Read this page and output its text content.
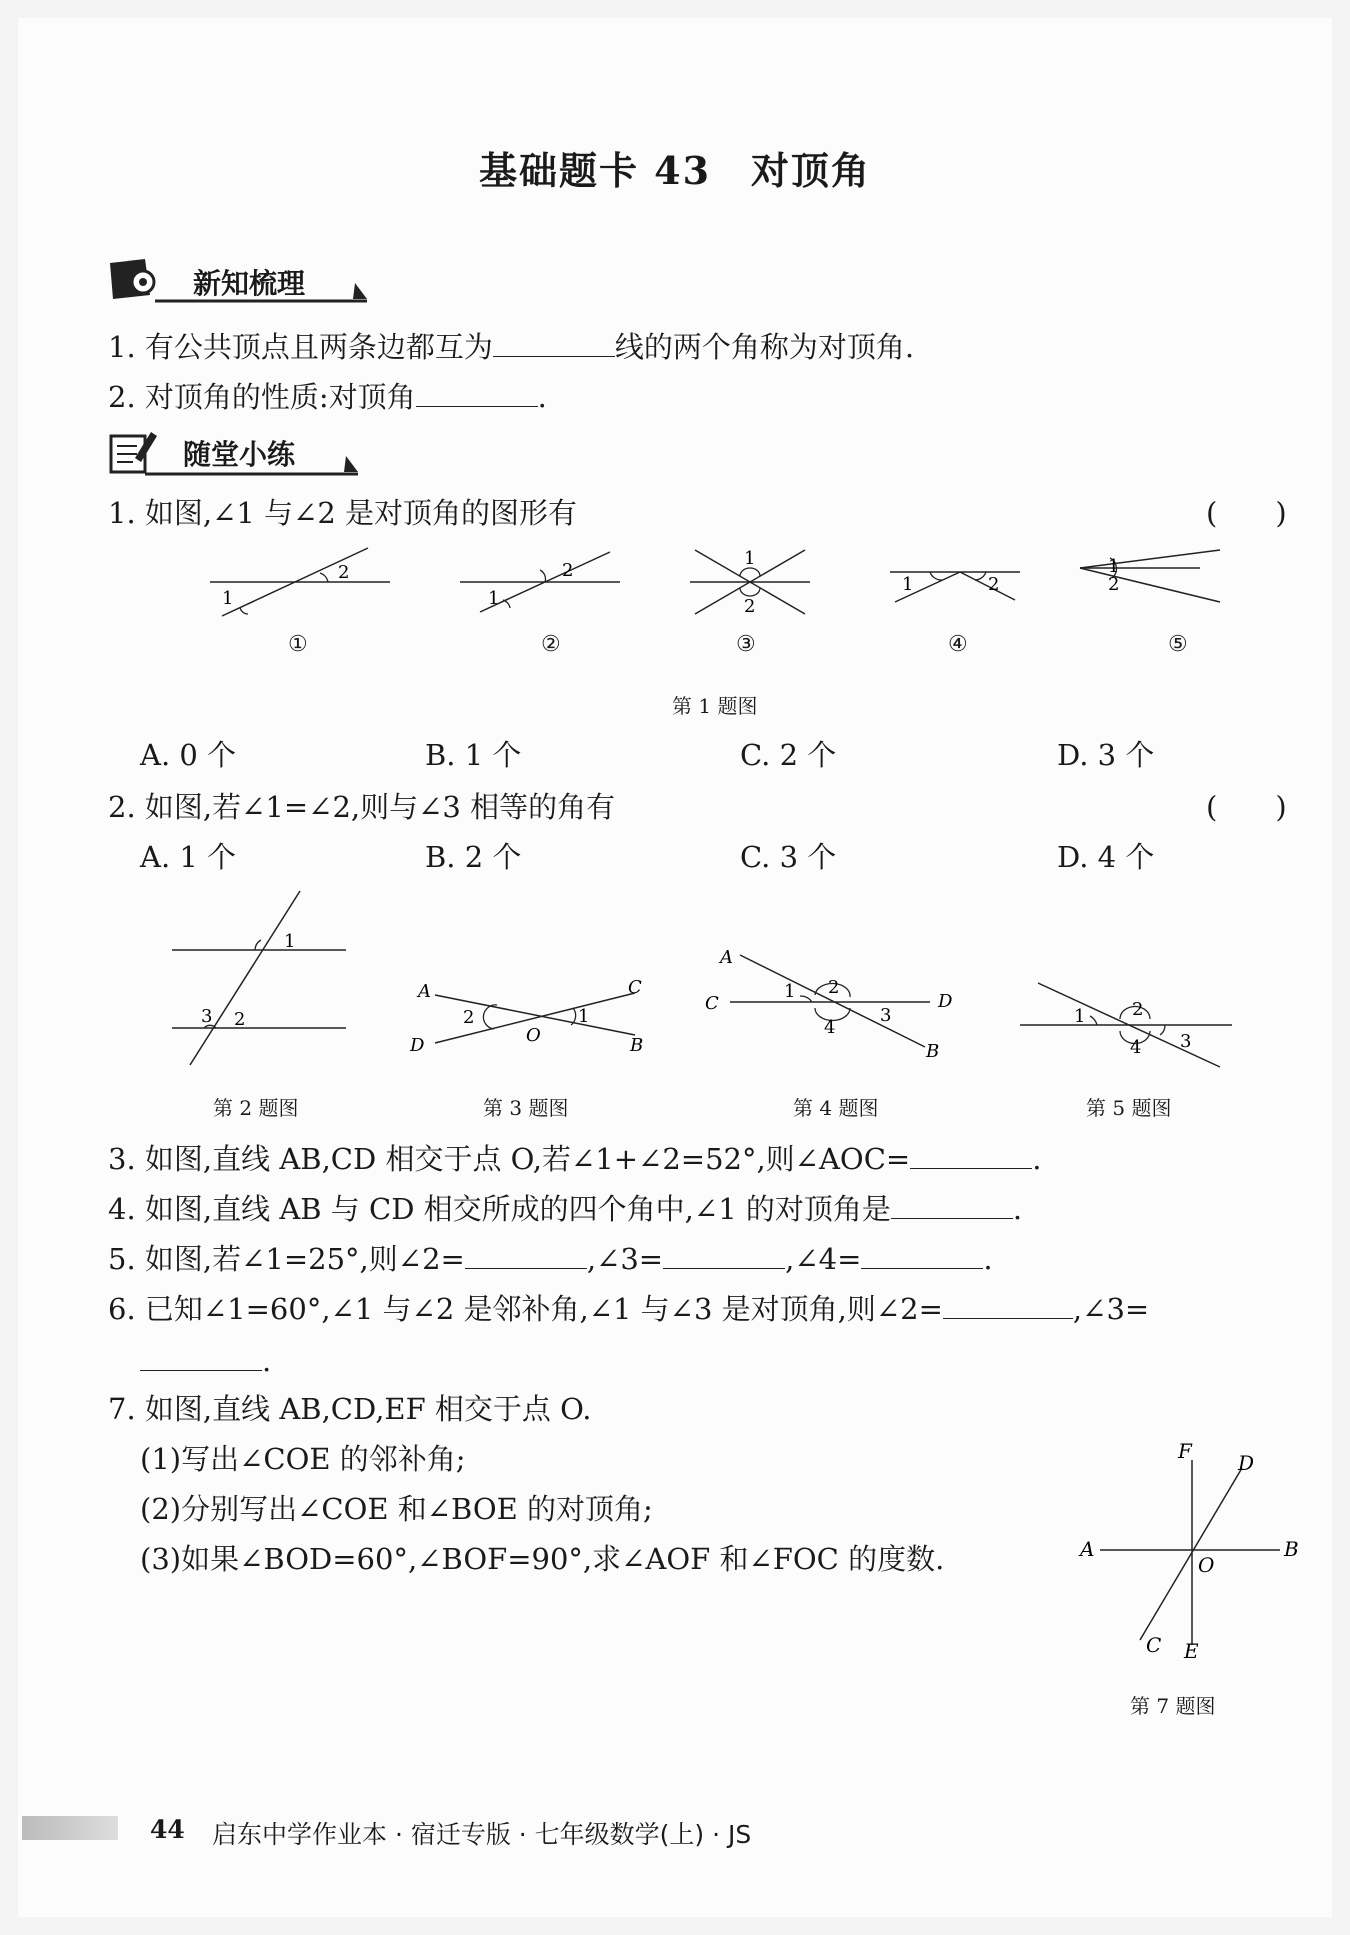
基础题卡 43　对顶角
新知梳理
1. 有公共顶点且两条边都互为	线的两个角称为对顶角.
2. 对顶角的性质:对顶角	.
随堂小练
1. 如图,∠1 与∠2 是对顶角的图形有	(　　)
1
2
1
2
1
2
1	2
1
2
①	②	③	④	⑤
第 1 题图
A. 0 个	B. 1 个	C. 2 个	D. 3 个
2. 如图,若∠1=∠2,则与∠3 相等的角有	(　　)
A. 1 个	B. 2 个	C. 3 个	D. 4 个
1
3 2
A	C
D	B
O
2	1
A
C	D
B
1 2
3
4
1	2
3
4
第 2 题图	第 3 题图	第 4 题图	第 5 题图
3. 如图,直线 AB,CD 相交于点 O,若∠1+∠2=52°,则∠AOC=	.
4. 如图,直线 AB 与 CD 相交所成的四个角中,∠1 的对顶角是	.
5. 如图,若∠1=25°,则∠2=	,∠3=	,∠4=	.
6. 已知∠1=60°,∠1 与∠2 是邻补角,∠1 与∠3 是对顶角,则∠2=	,∠3=
.
7. 如图,直线 AB,CD,EF 相交于点 O.
(1)写出∠COE 的邻补角;
(2)分别写出∠COE 和∠BOE 的对顶角;
(3)如果∠BOD=60°,∠BOF=90°,求∠AOF 和∠FOC 的度数.
F D
A	B
O
C E
第 7 题图
44 启东中学作业本 · 宿迁专版 · 七年级数学(上) · JS
